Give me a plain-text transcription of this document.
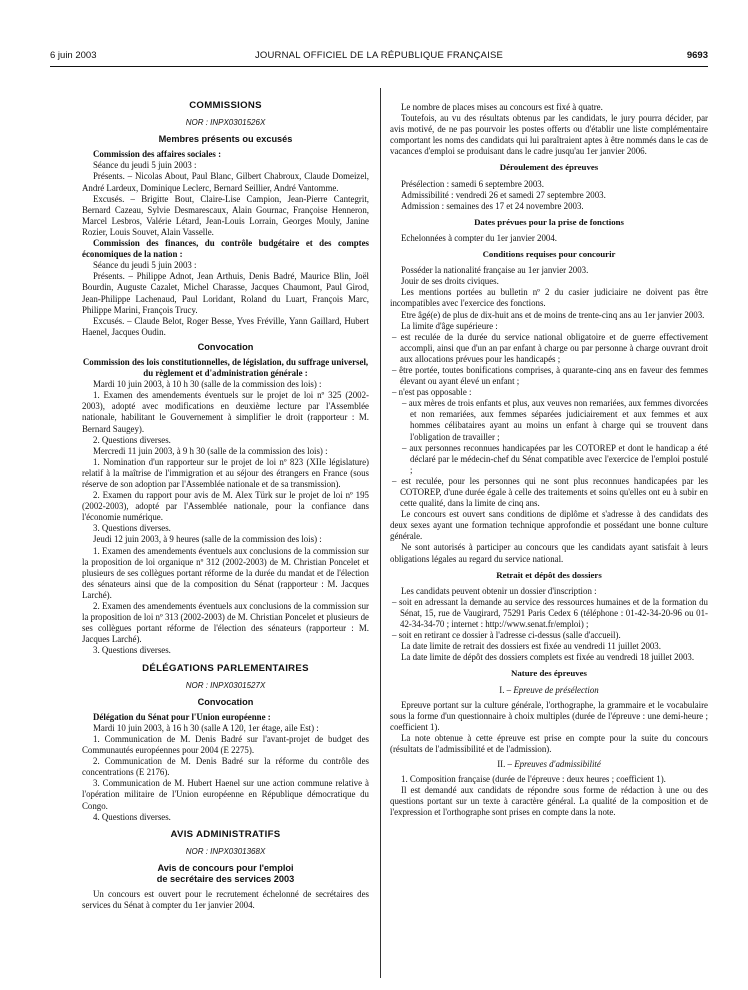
6 juin 2003	JOURNAL OFFICIEL DE LA RÉPUBLIQUE FRANÇAISE	9693

COMMISSIONS

NOR : INPX0301526X

Membres présents ou excusés

Commission des affaires sociales :

Séance du jeudi 5 juin 2003 :

Présents. – Nicolas About, Paul Blanc, Gilbert Chabroux, Claude Domeizel, André Lardeux, Dominique Leclerc, Bernard Seillier, André Vantomme.

Excusés. – Brigitte Bout, Claire-Lise Campion, Jean-Pierre Cantegrit, Bernard Cazeau, Sylvie Desmarescaux, Alain Gournac, Françoise Henneron, Marcel Lesbros, Valérie Létard, Jean-Louis Lorrain, Georges Mouly, Janine Rozier, Louis Souvet, Alain Vasselle.

Commission des finances, du contrôle budgétaire et des comptes économiques de la nation :

Séance du jeudi 5 juin 2003 :

Présents. – Philippe Adnot, Jean Arthuis, Denis Badré, Maurice Blin, Joël Bourdin, Auguste Cazalet, Michel Charasse, Jacques Chaumont, Paul Girod, Jean-Philippe Lachenaud, Paul Loridant, Roland du Luart, François Marc, Philippe Marini, François Trucy.

Excusés. – Claude Belot, Roger Besse, Yves Fréville, Yann Gaillard, Hubert Haenel, Jacques Oudin.

Convocation

Commission des lois constitutionnelles, de législation, du suffrage universel, du règlement et d'administration générale :

Mardi 10 juin 2003, à 10 h 30 (salle de la commission des lois) :

1. Examen des amendements éventuels sur le projet de loi nº 325 (2002-2003), adopté avec modifications en deuxième lecture par l'Assemblée nationale, habilitant le Gouvernement à simplifier le droit (rapporteur : M. Bernard Saugey).

2. Questions diverses.

Mercredi 11 juin 2003, à 9 h 30 (salle de la commission des lois) :

1. Nomination d'un rapporteur sur le projet de loi nº 823 (XIIe législature) relatif à la maîtrise de l'immigration et au séjour des étrangers en France (sous réserve de son adoption par l'Assemblée nationale et de sa transmission).

2. Examen du rapport pour avis de M. Alex Türk sur le projet de loi nº 195 (2002-2003), adopté par l'Assemblée nationale, pour la confiance dans l'économie numérique.

3. Questions diverses.

Jeudi 12 juin 2003, à 9 heures (salle de la commission des lois) :

1. Examen des amendements éventuels aux conclusions de la commission sur la proposition de loi organique nº 312 (2002-2003) de M. Christian Poncelet et plusieurs de ses collègues portant réforme de la durée du mandat et de l'élection des sénateurs ainsi que de la composition du Sénat (rapporteur : M. Jacques Larché).

2. Examen des amendements éventuels aux conclusions de la commission sur la proposition de loi nº 313 (2002-2003) de M. Christian Poncelet et plusieurs de ses collègues portant réforme de l'élection des sénateurs (rapporteur : M. Jacques Larché).

3. Questions diverses.

DÉLÉGATIONS PARLEMENTAIRES

NOR : INPX0301527X

Convocation

Délégation du Sénat pour l'Union européenne :

Mardi 10 juin 2003, à 16 h 30 (salle A 120, 1er étage, aile Est) :

1. Communication de M. Denis Badré sur l'avant-projet de budget des Communautés européennes pour 2004 (E 2275).

2. Communication de M. Denis Badré sur la réforme du contrôle des concentrations (E 2176).

3. Communication de M. Hubert Haenel sur une action commune relative à l'opération militaire de l'Union européenne en République démocratique du Congo.

4. Questions diverses.

AVIS ADMINISTRATIFS

NOR : INPX0301368X

Avis de concours pour l'emploi

de secrétaire des services 2003

Un concours est ouvert pour le recrutement échelonné de secrétaires des services du Sénat à compter du 1er janvier 2004.

Le nombre de places mises au concours est fixé à quatre.

Toutefois, au vu des résultats obtenus par les candidats, le jury pourra décider, par avis motivé, de ne pas pourvoir les postes offerts ou d'établir une liste complémentaire comportant les noms des candidats qui lui paraîtraient aptes à être nommés dans le cas de vacances d'emploi se produisant dans le cadre jusqu'au 1er janvier 2006.

Déroulement des épreuves

Présélection : samedi 6 septembre 2003.

Admissibilité : vendredi 26 et samedi 27 septembre 2003.

Admission : semaines des 17 et 24 novembre 2003.

Dates prévues pour la prise de fonctions

Echelonnées à compter du 1er janvier 2004.

Conditions requises pour concourir

Posséder la nationalité française au 1er janvier 2003.

Jouir de ses droits civiques.

Les mentions portées au bulletin nº 2 du casier judiciaire ne doivent pas être incompatibles avec l'exercice des fonctions.

Etre âgé(e) de plus de dix-huit ans et de moins de trente-cinq ans au 1er janvier 2003.

La limite d'âge supérieure :

– est reculée de la durée du service national obligatoire et de guerre effectivement accompli, ainsi que d'un an par enfant à charge ou par personne à charge ouvrant droit aux allocations prévues pour les handicapés ;

– être portée, toutes bonifications comprises, à quarante-cinq ans en faveur des femmes élevant ou ayant élevé un enfant ;

– n'est pas opposable :

– aux mères de trois enfants et plus, aux veuves non remariées, aux femmes divorcées et non remariées, aux femmes séparées judiciairement et aux femmes et aux hommes célibataires ayant au moins un enfant à charge qui se trouvent dans l'obligation de travailler ;

– aux personnes reconnues handicapées par les COTOREP et dont le handicap a été déclaré par le médecin-chef du Sénat compatible avec l'exercice de l'emploi postulé ;

– est reculée, pour les personnes qui ne sont plus reconnues handicapées par les COTOREP, d'une durée égale à celle des traitements et soins qu'elles ont eu à subir en cette qualité, dans la limite de cinq ans.

Le concours est ouvert sans conditions de diplôme et s'adresse à des candidats des deux sexes ayant une formation technique approfondie et possédant une bonne culture générale.

Ne sont autorisés à participer au concours que les candidats ayant satisfait à leurs obligations légales au regard du service national.

Retrait et dépôt des dossiers

Les candidats peuvent obtenir un dossier d'inscription :

– soit en adressant la demande au service des ressources humaines et de la formation du Sénat, 15, rue de Vaugirard, 75291 Paris Cedex 6 (téléphone : 01-42-34-20-96 ou 01-42-34-34-70 ; internet : http://www.senat.fr/emploi) ;

– soit en retirant ce dossier à l'adresse ci-dessus (salle d'accueil).

La date limite de retrait des dossiers est fixée au vendredi 11 juillet 2003.

La date limite de dépôt des dossiers complets est fixée au vendredi 18 juillet 2003.

Nature des épreuves

I. – Epreuve de présélection

Epreuve portant sur la culture générale, l'orthographe, la grammaire et le vocabulaire sous la forme d'un questionnaire à choix multiples (durée de l'épreuve : une demi-heure ; coefficient 1).

La note obtenue à cette épreuve est prise en compte pour la suite du concours (résultats de l'admissibilité et de l'admission).

II. – Epreuves d'admissibilité

1. Composition française (durée de l'épreuve : deux heures ; coefficient 1).

Il est demandé aux candidats de répondre sous forme de rédaction à une ou des questions portant sur un texte à caractère général. La qualité de la composition et de l'expression et l'orthographe sont prises en compte dans la note.
